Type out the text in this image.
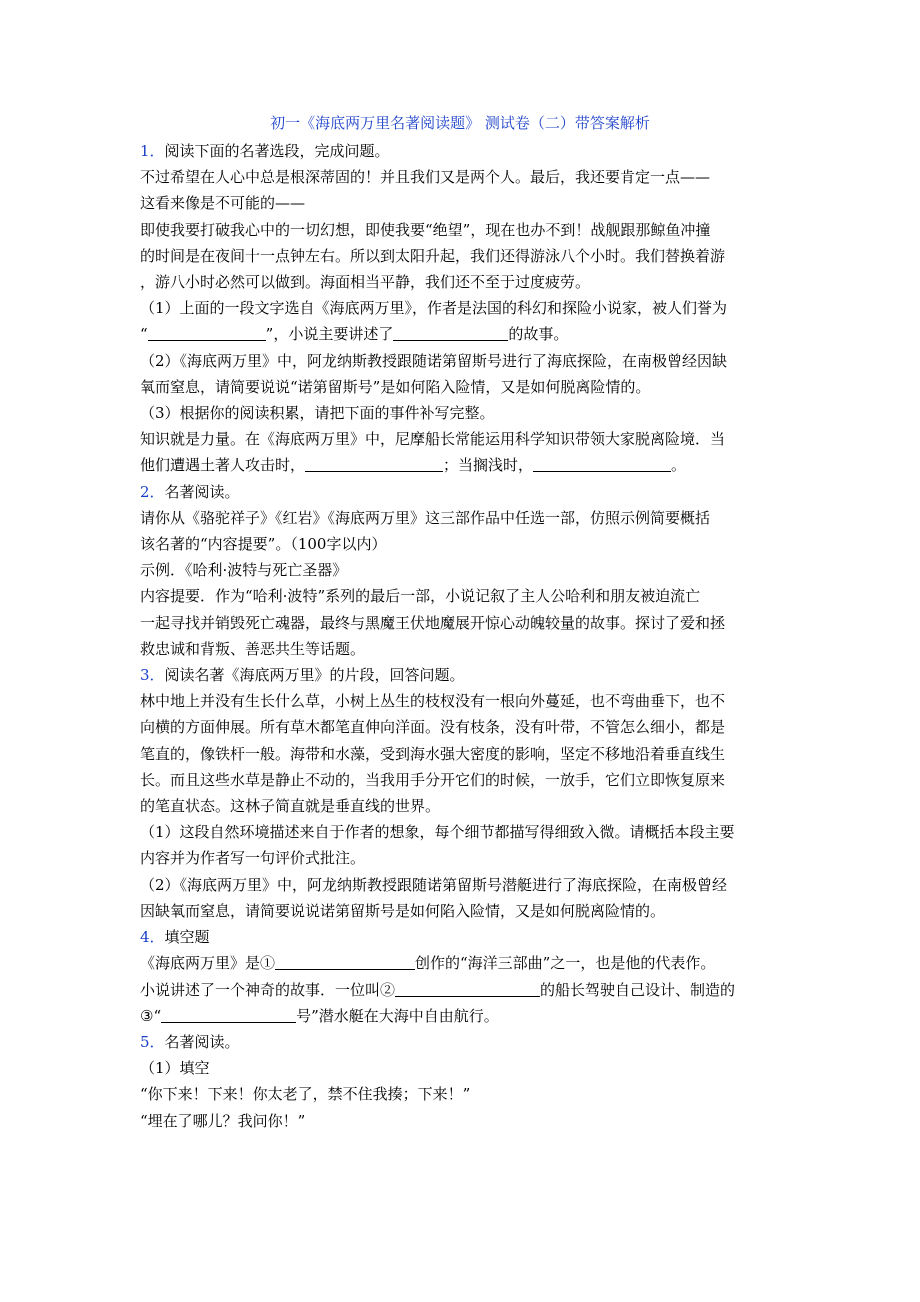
初一《海底两万里名著阅读题》 测试卷（二）带答案解析

1．阅读下面的名著选段，完成问题。

不过希望在人心中总是根深蒂固的！并且我们又是两个人。最后，我还要肯定一点——

这看来像是不可能的——

即使我要打破我心中的一切幻想，即使我要“绝望”，现在也办不到！战舰跟那鲸鱼冲撞

的时间是在夜间十一点钟左右。所以到太阳升起，我们还得游泳八个小时。我们替换着游

，游八小时必然可以做到。海面相当平静，我们还不至于过度疲劳。

（1）上面的一段文字选自《海底两万里》，作者是法国的科幻和探险小说家，被人们誉为

“	”，小说主要讲述了	的故事。

（2）《海底两万里》中，阿龙纳斯教授跟随诺第留斯号进行了海底探险，在南极曾经因缺

氧而窒息，请简要说说“诺第留斯号”是如何陷入险情，又是如何脱离险情的。

（3）根据你的阅读积累，请把下面的事件补写完整。

知识就是力量。在《海底两万里》中，尼摩船长常能运用科学知识带领大家脱离险境．当

他们遭遇土著人攻击时，	；当搁浅时，	。

2．名著阅读。

请你从《骆驼祥子》《红岩》《海底两万里》这三部作品中任选一部，仿照示例简要概括

该名著的“内容提要”。（100字以内）

示例．《哈利·波特与死亡圣器》

内容提要．作为“哈利·波特”系列的最后一部，小说记叙了主人公哈利和朋友被迫流亡

一起寻找并销毁死亡魂器，最终与黑魔王伏地魔展开惊心动魄较量的故事。探讨了爱和拯

救忠诚和背叛、善恶共生等话题。

3．阅读名著《海底两万里》的片段，回答问题。

林中地上并没有生长什么草，小树上丛生的枝杈没有一根向外蔓延，也不弯曲垂下，也不

向横的方面伸展。所有草木都笔直伸向洋面。没有枝条，没有叶带，不管怎么细小，都是

笔直的，像铁杆一般。海带和水藻，受到海水强大密度的影响，坚定不移地沿着垂直线生

长。而且这些水草是静止不动的，当我用手分开它们的时候，一放手，它们立即恢复原来

的笔直状态。这林子简直就是垂直线的世界。

（1）这段自然环境描述来自于作者的想象，每个细节都描写得细致入微。请概括本段主要

内容并为作者写一句评价式批注。

（2）《海底两万里》中，阿龙纳斯教授跟随诺第留斯号潜艇进行了海底探险，在南极曾经

因缺氧而窒息，请简要说说诺第留斯号是如何陷入险情，又是如何脱离险情的。

4．填空题

《海底两万里》是①	创作的“海洋三部曲”之一，也是他的代表作。

小说讲述了一个神奇的故事．一位叫②	的船长驾驶自己设计、制造的

③“	号”潜水艇在大海中自由航行。

5．名著阅读。

（1）填空

“你下来！下来！你太老了，禁不住我揍；下来！”

“埋在了哪儿？我问你！”
